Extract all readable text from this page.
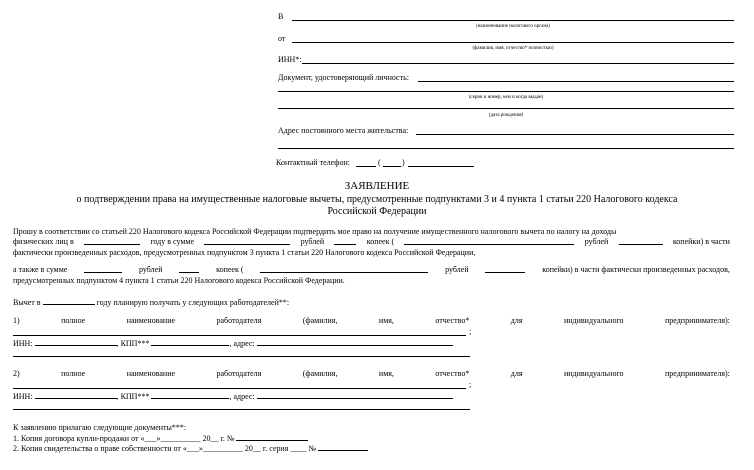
В
(наименование налогового органа)
от
(фамилия, имя, отчество* полностью)
ИНН*:
Документ, удостоверяющий личность:
(серия и номер, кем и когда выдан)
(дата рождения)
Адрес постоянного места жительства:
Контактный телефон:	(	)
ЗАЯВЛЕНИЕ
о подтверждении права на имущественные налоговые вычеты, предусмотренные подпунктами 3 и 4 пункта 1 статьи 220 Налогового кодекса
Российской Федерации
Прошу в соответствии со статьей 220 Налогового кодекса Российской Федерации подтвердить мое право на получение имущественного налогового вычета по налогу на доходы
физических лиц в	году в сумме	рублей	копеек (	рублей	копейки) в части
фактически произведенных расходов, предусмотренных подпунктом 3 пункта 1 статьи 220 Налогового кодекса Российской Федерации,
а также в сумме	рублей	копеек (	рублей	копейки) в части фактически произведенных расходов,
предусмотренных подпунктом 4 пункта 1 статьи 220 Налогового кодекса Российской Федерации.
Вычет в	году планирую получать у следующих работодателей**:
1)	полное	наименование	работодателя	(фамилия,	имя,	отчество*	для	индивидуального	предпринимателя):
;
ИНН:	, КПП***	, адрес:
2)	полное	наименование	работодателя	(фамилия,	имя,	отчество*	для	индивидуального	предпринимателя):
;
ИНН:	, КПП***	, адрес:
К заявлению прилагаю следующие документы***:
1. Копия договора купли-продажи от «___»__________ 20__ г. №
2. Копия свидетельства о праве собственности от «___»__________ 20__ г. серия ____ №
